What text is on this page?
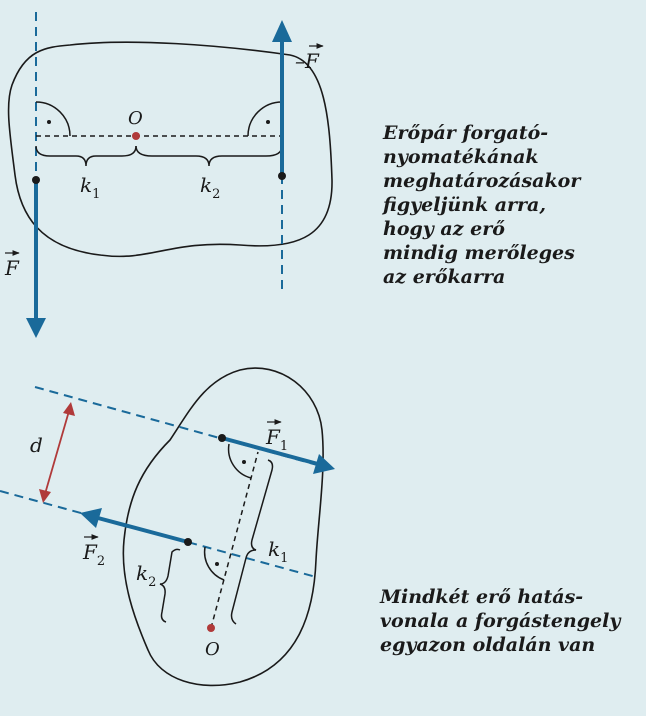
O
$k_1$	$k_2$
F
–F
d
O
$k_1$
$k_2$
$F_1$
$F_2$
Erőpár forgató-
nyomatékának
meghatározásakor
figyeljünk arra,
hogy az erő
mindig merőleges
az erőkarra
Mindkét erő hatás-
vonala a forgástengely
egyazon oldalán van
